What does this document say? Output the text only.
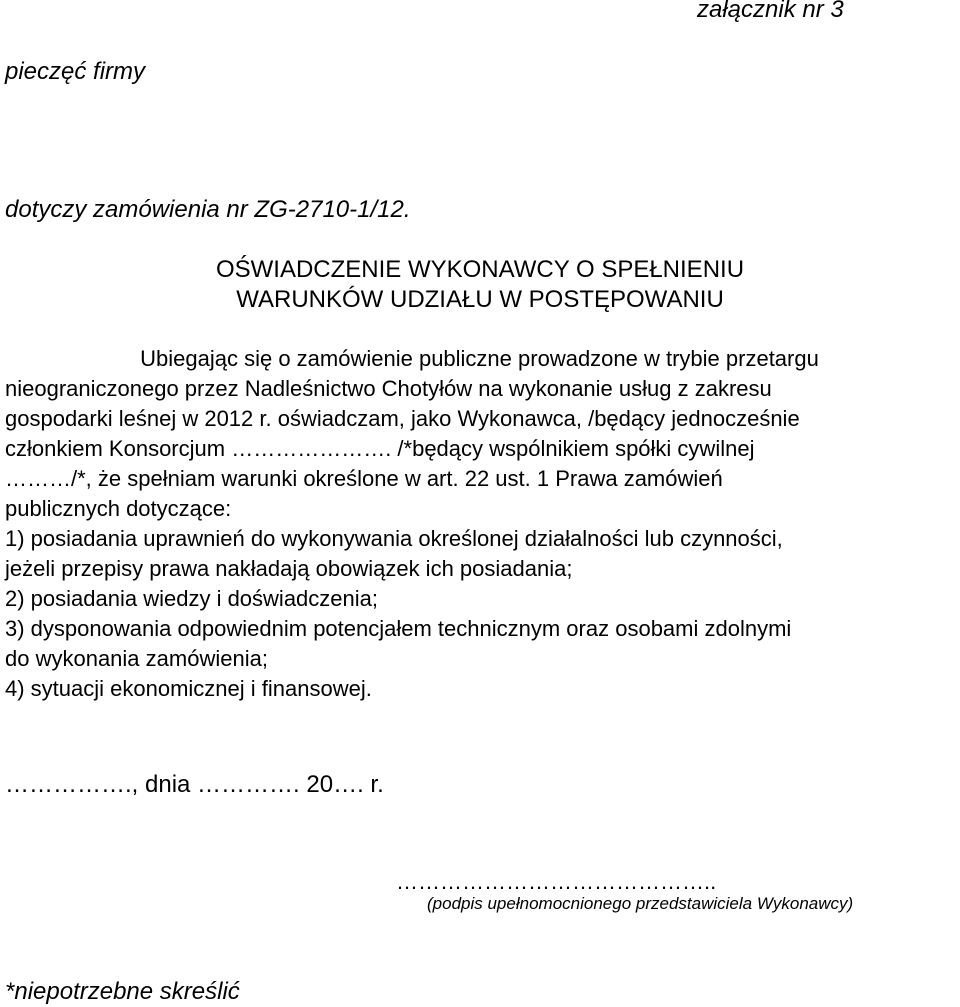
załącznik nr 3

pieczęć firmy

dotyczy zamówienia nr ZG-2710-1/12.

OŚWIADCZENIE WYKONAWCY O SPEŁNIENIU
WARUNKÓW UDZIAŁU W POSTĘPOWANIU
Ubiegając się o zamówienie publiczne prowadzone w trybie przetargu
nieograniczonego przez Nadleśnictwo Chotyłów na wykonanie usług z zakresu
gospodarki leśnej w 2012 r. oświadczam, jako Wykonawca, /będący jednocześnie
członkiem Konsorcjum …………………. /*będący wspólnikiem spółki cywilnej
………/*, że spełniam warunki określone w art. 22 ust. 1 Prawa zamówień
publicznych dotyczące:
1) posiadania uprawnień do wykonywania określonej działalności lub czynności,
jeżeli przepisy prawa nakładają obowiązek ich posiadania;
2) posiadania wiedzy i doświadczenia;
3) dysponowania odpowiednim potencjałem technicznym oraz osobami zdolnymi
do wykonania zamówienia;
4) sytuacji ekonomicznej i finansowej.

……………., dnia …………. 20…. r.

……………………………………..

(podpis upełnomocnionego przedstawiciela Wykonawcy)

*niepotrzebne skreślić
